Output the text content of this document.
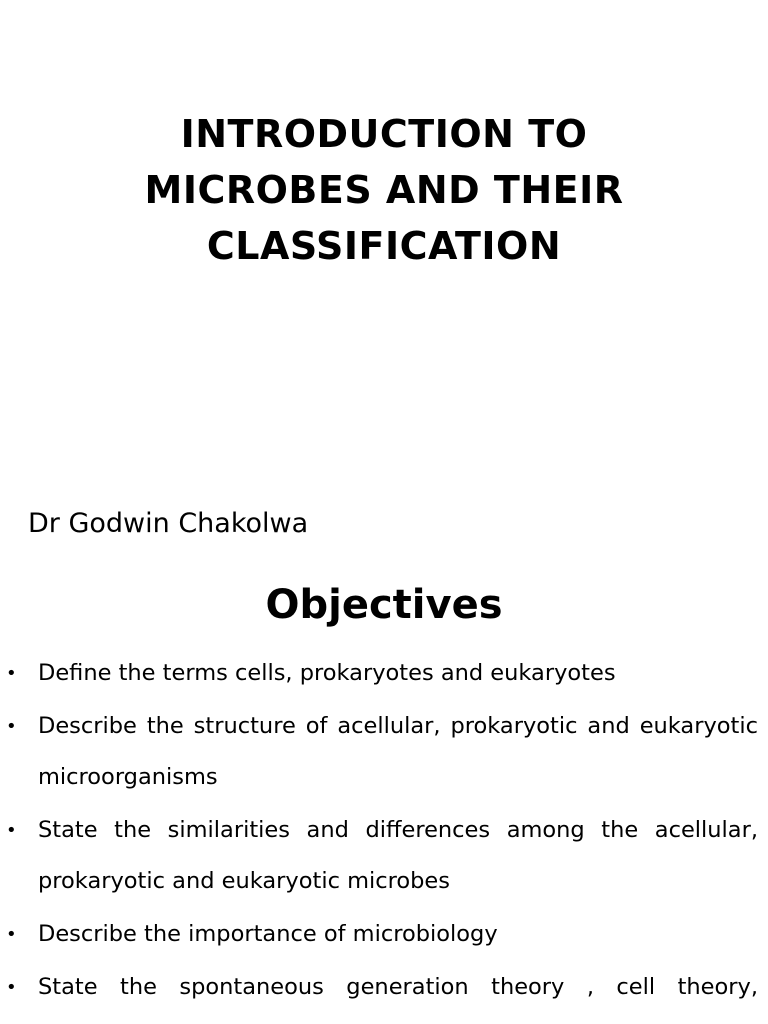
INTRODUCTION TO
MICROBES AND THEIR
CLASSIFICATION
Dr Godwin Chakolwa
Objectives
• Define the terms cells, prokaryotes and eukaryotes
• Describe the structure of acellular, prokaryotic and eukaryotic microorganisms
• State the similarities and differences among the acellular, prokaryotic and eukaryotic microbes
• Describe the importance of microbiology
• State the spontaneous generation theory , cell theory,
